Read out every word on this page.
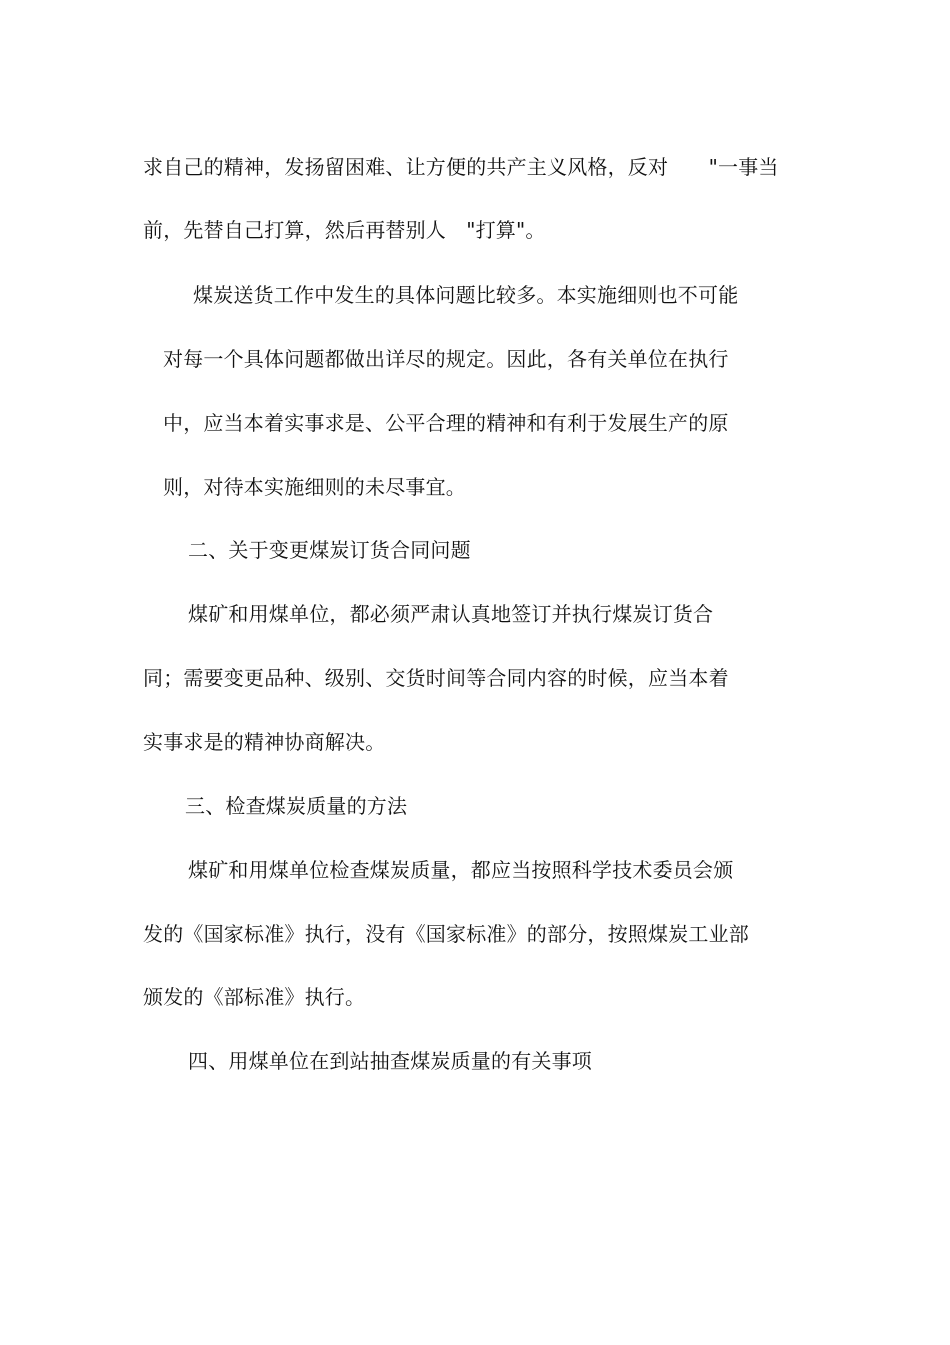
求自己的精神，发扬留困难、让方便的共产主义风格，反对　　"一事当
前，先替自己打算，然后再替别人　"打算"。
煤炭送货工作中发生的具体问题比较多。本实施细则也不可能
对每一个具体问题都做出详尽的规定。因此，各有关单位在执行
中，应当本着实事求是、公平合理的精神和有利于发展生产的原
则，对待本实施细则的未尽事宜。
二、关于变更煤炭订货合同问题
煤矿和用煤单位，都必须严肃认真地签订并执行煤炭订货合
同；需要变更品种、级别、交货时间等合同内容的时候，应当本着
实事求是的精神协商解决。
三、检查煤炭质量的方法
煤矿和用煤单位检查煤炭质量，都应当按照科学技术委员会颁
发的《国家标准》执行，没有《国家标准》的部分，按照煤炭工业部
颁发的《部标准》执行。
四、用煤单位在到站抽查煤炭质量的有关事项
